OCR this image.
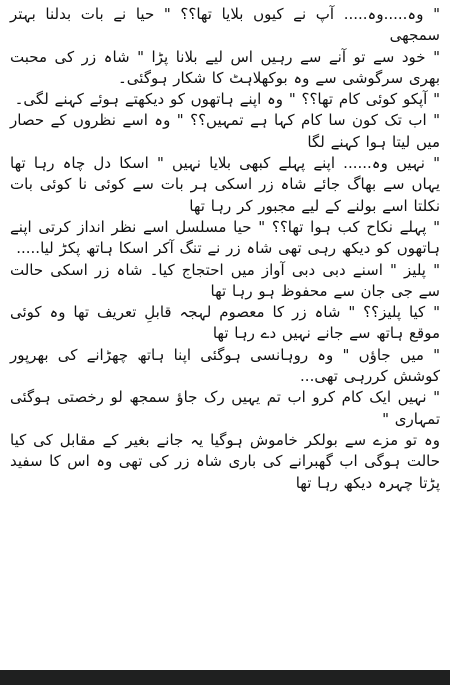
" وہ.....وہ..... آپ نے کیوں بلایا تھا؟؟ " حیا نے بات بدلنا بہتر سمجھی

" خود سے تو آنے سے رہیں اس لیے بلانا پڑا " شاہ زر کی محبت بھری سرگوشی سے وہ بوکھلاہٹ کا شکار ہوگئی۔

" آپکو کوئی کام تھا؟؟ " وہ اپنے ہاتھوں کو دیکھتے ہوئے کہنے لگی۔

" اب تک کون سا کام کہا ہے تمہیں؟؟ " وہ اسے نظروں کے حصار میں لیتا ہوا کہنے لگا

" نہیں وہ...... اپنے پہلے کبھی بلایا نہیں " اسکا دل چاہ رہا تھا یہاں سے بھاگ جائے شاہ زر اسکی ہر بات سے کوئی نا کوئی بات نکلتا اسے بولنے کے لیے مجبور کر رہا تھا

" پہلے نکاح کب ہوا تھا؟؟ " حیا مسلسل اسے نظر انداز کرتی اپنے ہاتھوں کو دیکھ رہی تھی شاہ زر نے تنگ آکر اسکا ہاتھ پکڑ لیا.....

" پلیز " اسنے دبی دبی آواز میں احتجاج کیا۔ شاہ زر اسکی حالت سے جی جان سے محفوظ ہو رہا تھا

" کیا پلیز؟؟ " شاہ زر کا معصوم لہجہ قابلِ تعریف تھا وہ کوئی موقع ہاتھ سے جانے نہیں دے رہا تھا

" میں جاؤں " وہ روہانسی ہوگئی اپنا ہاتھ چھڑانے کی بھرپور کوشش کررہی تھی...

" نہیں ایک کام کرو اب تم یہیں رک جاؤ سمجھ لو رخصتی ہوگئی تمہاری "

وہ تو مزے سے بولکر خاموش ہوگیا یہ جانے بغیر کے مقابل کی کیا حالت ہوگی اب گھبرانے کی باری شاہ زر کی تھی وہ اس کا سفید پڑتا چہرہ دیکھ رہا تھا
